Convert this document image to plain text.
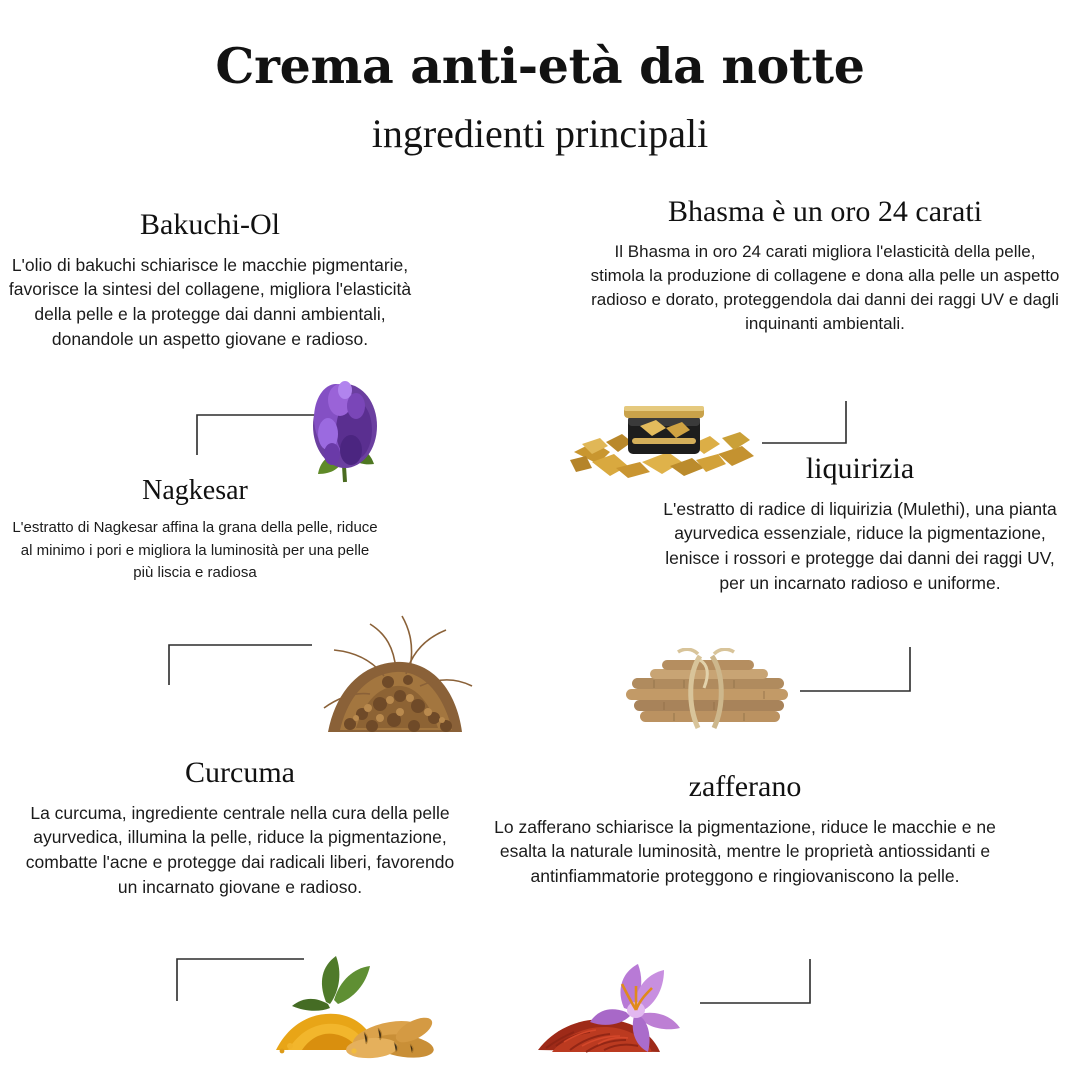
Crema anti-età da notte
ingredienti principali
Bakuchi-Ol

L'olio di bakuchi schiarisce le macchie pigmentarie, favorisce la sintesi del collagene, migliora l'elasticità della pelle e la protegge dai danni ambientali, donandole un aspetto giovane e radioso.

Bhasma è un oro 24 carati

Il Bhasma in oro 24 carati migliora l'elasticità della pelle, stimola la produzione di collagene e dona alla pelle un aspetto radioso e dorato, proteggendola dai danni dei raggi UV e dagli inquinanti ambientali.

Nagkesar

L'estratto di Nagkesar affina la grana della pelle, riduce al minimo i pori e migliora la luminosità per una pelle più liscia e radiosa

liquirizia

L'estratto di radice di liquirizia (Mulethi), una pianta ayurvedica essenziale, riduce la pigmentazione, lenisce i rossori e protegge dai danni dei raggi UV, per un incarnato radioso e uniforme.

Curcuma

La curcuma, ingrediente centrale nella cura della pelle ayurvedica, illumina la pelle, riduce la pigmentazione, combatte l'acne e protegge dai radicali liberi, favorendo un incarnato giovane e radioso.

zafferano

Lo zafferano schiarisce la pigmentazione, riduce le macchie e ne esalta la naturale luminosità, mentre le proprietà antiossidanti e antinfiammatorie proteggono e ringiovaniscono la pelle.
